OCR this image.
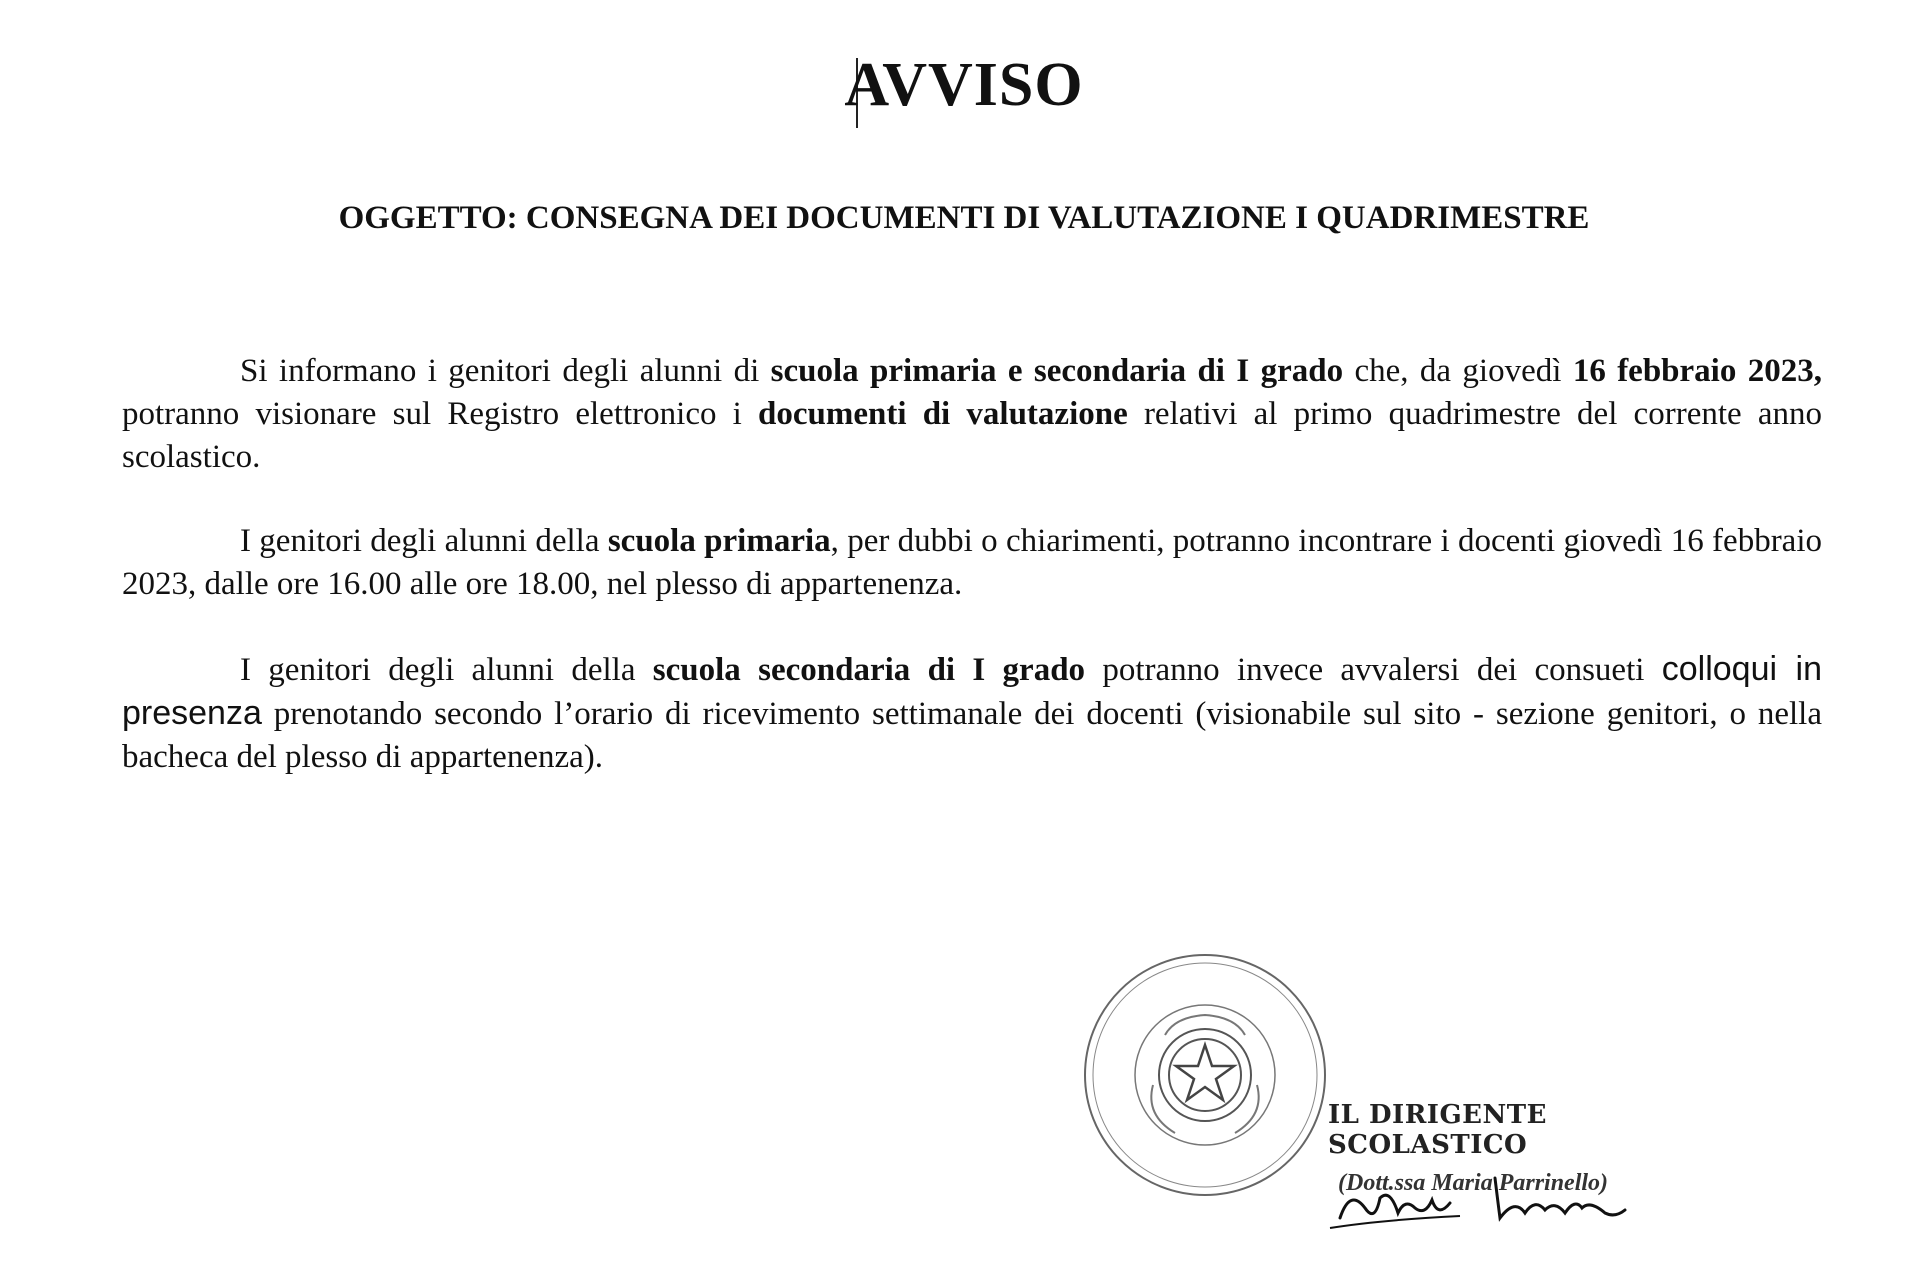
AVVISO
OGGETTO: CONSEGNA DEI DOCUMENTI DI VALUTAZIONE I QUADRIMESTRE

Si informano i genitori degli alunni di scuola primaria e secondaria di I grado che, da giovedì 16 febbraio 2023, potranno visionare sul Registro elettronico i documenti di valutazione relativi al primo quadrimestre del corrente anno scolastico.

I genitori degli alunni della scuola primaria, per dubbi o chiarimenti, potranno incontrare i docenti giovedì 16 febbraio 2023, dalle ore 16.00 alle ore 18.00, nel plesso di appartenenza.

I genitori degli alunni della scuola secondaria di I grado potranno invece avvalersi dei consueti colloqui in presenza prenotando secondo l’orario di ricevimento settimanale dei docenti (visionabile sul sito - sezione genitori, o nella bacheca del plesso di appartenenza).

IL DIRIGENTE SCOLASTICO
(Dott.ssa Maria Parrinello)
